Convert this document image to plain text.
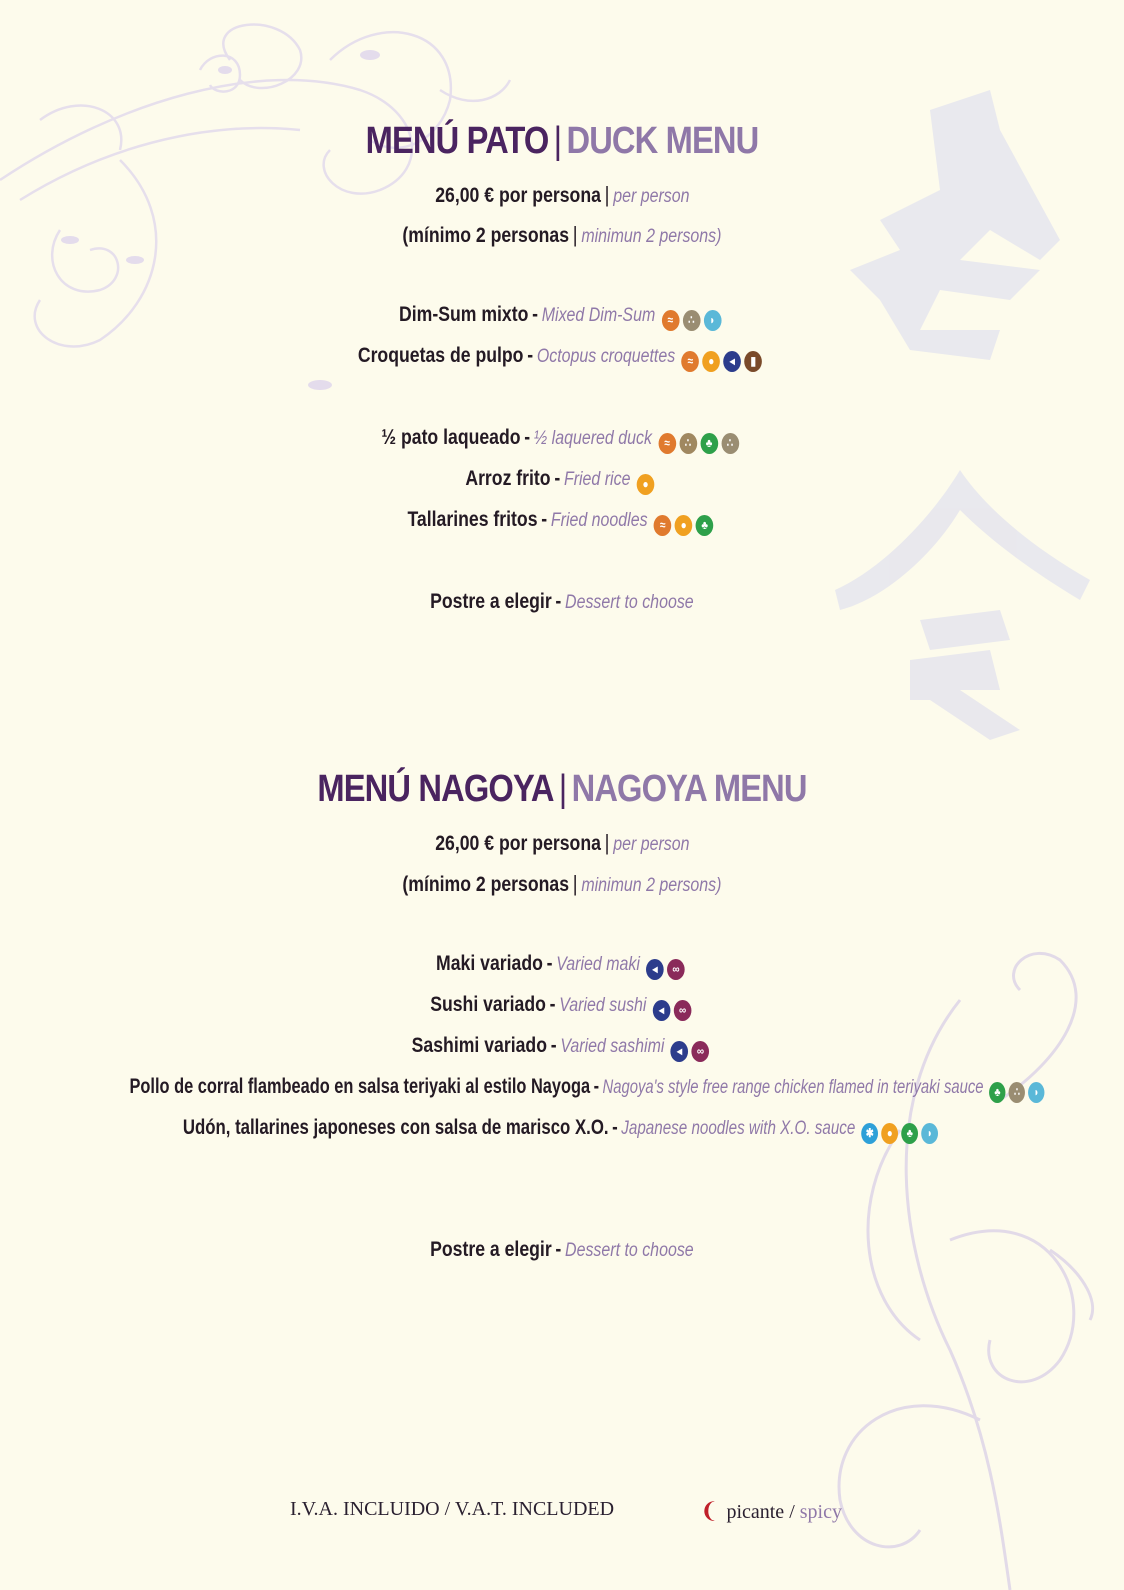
MENÚ PATO | DUCK MENU
26,00 € por persona | per person
(mínimo 2 personas | minimun 2 persons)
Dim-Sum mixto - Mixed Dim-Sum ≈ ∴ ◗
Croquetas de pulpo - Octopus croquettes ≈ ● ◂ ▮
½ pato laqueado - ½ laquered duck ≈ ∴ ♣ ∴
Arroz frito - Fried rice ●
Tallarines fritos - Fried noodles ≈ ● ♣
Postre a elegir - Dessert to choose
MENÚ NAGOYA | NAGOYA MENU
26,00 € por persona | per person
(mínimo 2 personas | minimun 2 persons)
Maki variado - Varied maki ◂ ∞
Sushi variado - Varied sushi ◂ ∞
Sashimi variado - Varied sashimi ◂ ∞
Pollo de corral flambeado en salsa teriyaki al estilo Nayoga - Nagoya's style free range chicken flamed in teriyaki sauce ♣ ∴ ◗
Udón, tallarines japoneses con salsa de marisco X.O. - Japanese noodles with X.O. sauce ✱ ● ♣ ◗
Postre a elegir - Dessert to choose
I.V.A. INCLUIDO / V.A.T. INCLUDED	❨ picante / spicy
